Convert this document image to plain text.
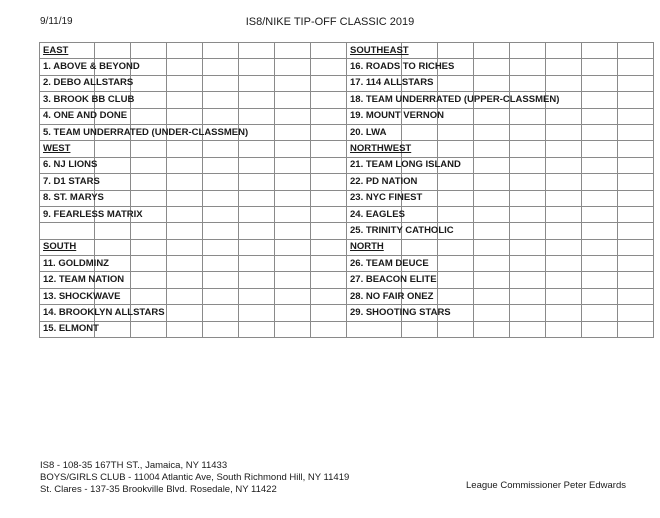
9/11/19	IS8/NIKE TIP-OFF CLASSIC 2019
EAST								SOUTHEAST							
1. ABOVE & BEYOND								16. ROADS TO RICHES							
2. DEBO ALLSTARS								17. 114 ALLSTARS							
3. BROOK BB CLUB								18. TEAM UNDERRATED (UPPER-CLASSMEN)							
4. ONE AND DONE								19. MOUNT VERNON							
5. TEAM UNDERRATED (UNDER-CLASSMEN)								20. LWA							
WEST								NORTHWEST							
6. NJ LIONS								21. TEAM LONG ISLAND							
7. D1 STARS								22. PD NATION							
8. ST. MARYS								23. NYC FINEST							
9. FEARLESS MATRIX								24. EAGLES							
								25. TRINITY CATHOLIC							
SOUTH								NORTH							
11. GOLDMINZ								26. TEAM DEUCE							
12. TEAM NATION								27. BEACON ELITE							
13. SHOCKWAVE								28. NO FAIR ONEZ							
14. BROOKLYN ALLSTARS								29. SHOOTING STARS							
15. ELMONT															
IS8 - 108-35 167TH ST., Jamaica, NY 11433
BOYS/GIRLS CLUB - 11004 Atlantic Ave, South Richmond Hill, NY 11419
St. Clares - 137-35 Brookville Blvd. Rosedale, NY 11422	League Commissioner Peter Edwards
